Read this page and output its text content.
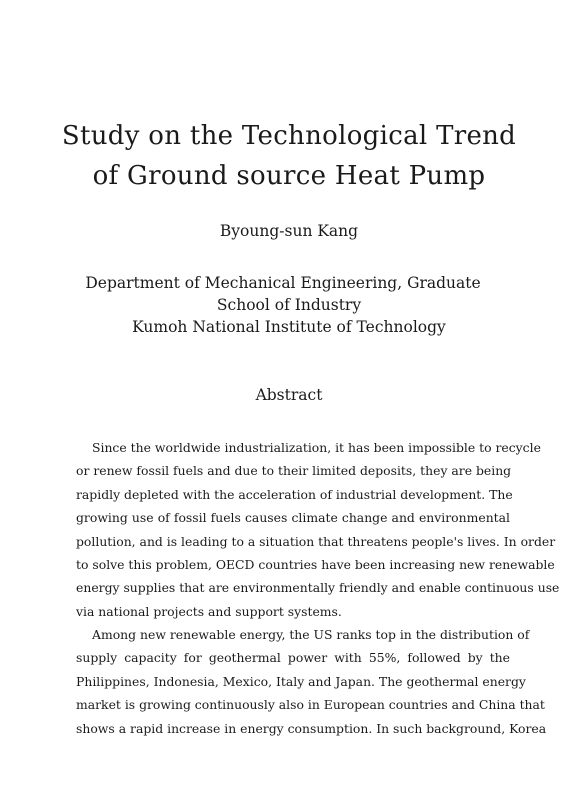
Study on the Technological Trend
of Ground source Heat Pump
Byoung-sun Kang
Department of Mechanical Engineering, Graduate
School of Industry
Kumoh National Institute of Technology
Abstract
Since the worldwide industrialization, it has been impossible to recycle
or renew fossil fuels and due to their limited deposits, they are being
rapidly depleted with the acceleration of industrial development. The
growing use of fossil fuels causes climate change and environmental
pollution, and is leading to a situation that threatens people's lives. In order
to solve this problem, OECD countries have been increasing new renewable
energy supplies that are environmentally friendly and enable continuous use
via national projects and support systems.
Among new renewable energy, the US ranks top in the distribution of
supply capacity for geothermal power with 55%, followed by the
Philippines, Indonesia, Mexico, Italy and Japan. The geothermal energy
market is growing continuously also in European countries and China that
shows a rapid increase in energy consumption. In such background, Korea
